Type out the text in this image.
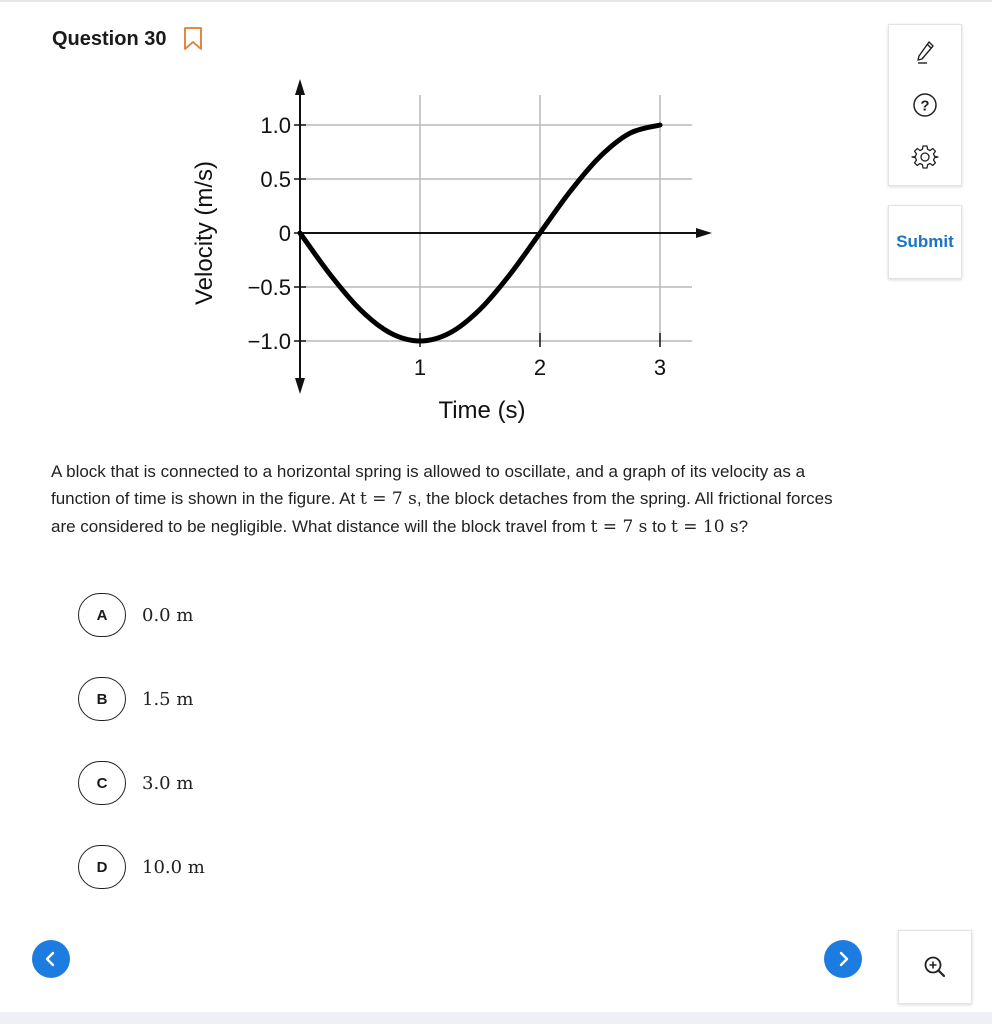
Question 30
?
Submit
1.0
0.5
0
−0.5
−1.0
1	2	3
Time (s)
Velocity (m/s)
A block that is connected to a horizontal spring is allowed to oscillate, and a graph of its velocity as a function of time is shown in the figure. At t = 7 s, the block detaches from the spring. All frictional forces are considered to be negligible. What distance will the block travel from t = 7 s to t = 10 s?
A	0.0 m
B	1.5 m
C	3.0 m
D	10.0 m
